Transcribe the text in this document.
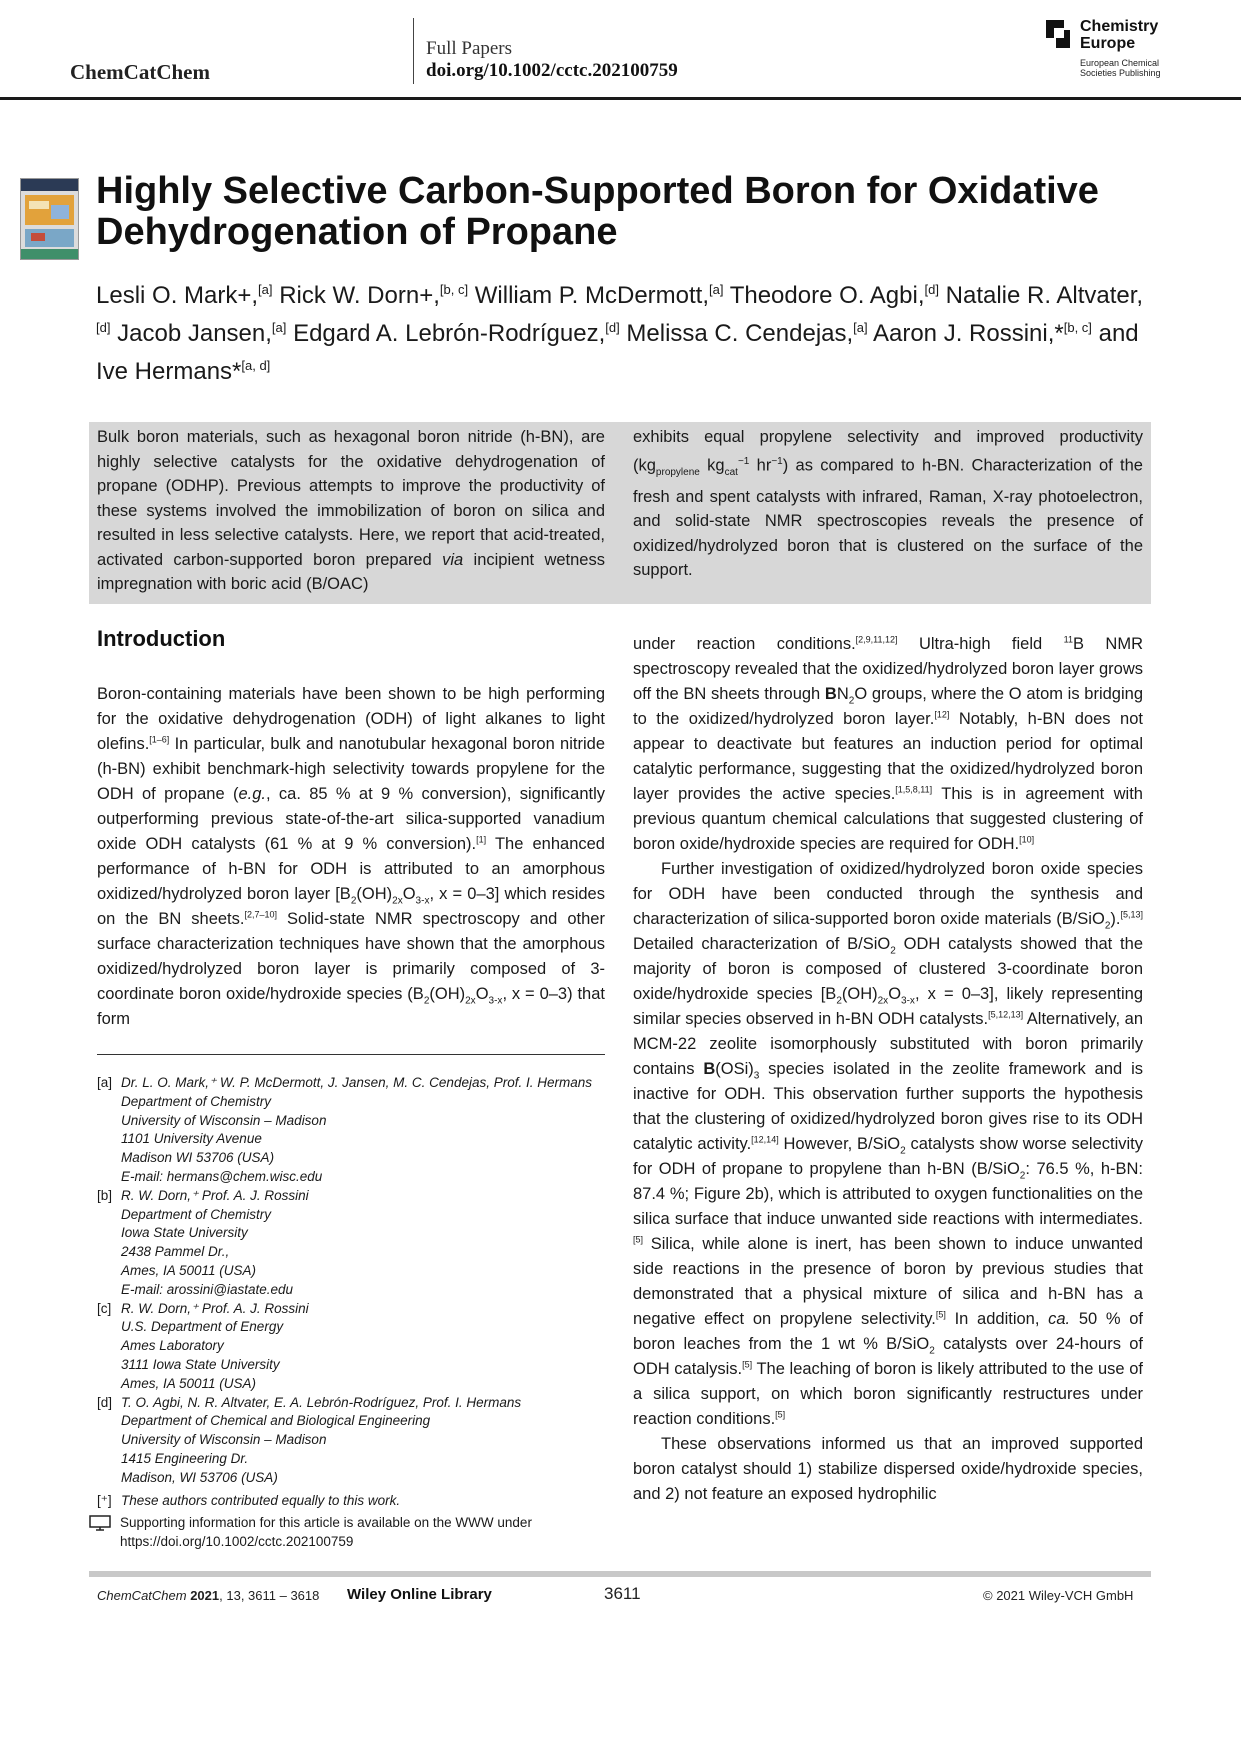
ChemCatChem
Full Papers
doi.org/10.1002/cctc.202100759
Chemistry
Europe
European Chemical
Societies Publishing
Highly Selective Carbon-Supported Boron for Oxidative Dehydrogenation of Propane
Lesli O. Mark+,[a] Rick W. Dorn+,[b, c] William P. McDermott,[a] Theodore O. Agbi,[d] Natalie R. Altvater,[d] Jacob Jansen,[a] Edgard A. Lebrón-Rodríguez,[d] Melissa C. Cendejas,[a] Aaron J. Rossini,*[b, c] and Ive Hermans*[a, d]
Bulk boron materials, such as hexagonal boron nitride (h-BN), are highly selective catalysts for the oxidative dehydrogenation of propane (ODHP). Previous attempts to improve the productivity of these systems involved the immobilization of boron on silica and resulted in less selective catalysts. Here, we report that acid-treated, activated carbon-supported boron prepared via incipient wetness impregnation with boric acid (B/OAC)
exhibits equal propylene selectivity and improved productivity ($kg_{propylene}$ $kg_{cat}^{-1}$ $hr^{-1}$) as compared to h-BN. Characterization of the fresh and spent catalysts with infrared, Raman, X-ray photoelectron, and solid-state NMR spectroscopies reveals the presence of oxidized/hydrolyzed boron that is clustered on the surface of the support.
Introduction

Boron-containing materials have been shown to be high performing for the oxidative dehydrogenation (ODH) of light alkanes to light olefins.[1–6] In particular, bulk and nanotubular hexagonal boron nitride (h-BN) exhibit benchmark-high selectivity towards propylene for the ODH of propane (e.g., ca. 85 % at 9 % conversion), significantly outperforming previous state-of-the-art silica-supported vanadium oxide ODH catalysts (61 % at 9 % conversion).[1] The enhanced performance of h-BN for ODH is attributed to an amorphous oxidized/hydrolyzed boron layer [$B_2(OH)_{2x}O_{3-x}$, x = 0–3] which resides on the BN sheets.[2,7–10] Solid-state NMR spectroscopy and other surface characterization techniques have shown that the amorphous oxidized/hydrolyzed boron layer is primarily composed of 3-coordinate boron oxide/hydroxide species ($B_2(OH)_{2x}O_{3-x}$, x = 0–3) that form

under reaction conditions.[2,9,11,12] Ultra-high field $^{11}$B NMR spectroscopy revealed that the oxidized/hydrolyzed boron layer grows off the BN sheets through $BN_2O$ groups, where the O atom is bridging to the oxidized/hydrolyzed boron layer.[12] Notably, h-BN does not appear to deactivate but features an induction period for optimal catalytic performance, suggesting that the oxidized/hydrolyzed boron layer provides the active species.[1,5,8,11] This is in agreement with previous quantum chemical calculations that suggested clustering of boron oxide/hydroxide species are required for ODH.[10]

Further investigation of oxidized/hydrolyzed boron oxide species for ODH have been conducted through the synthesis and characterization of silica-supported boron oxide materials (B/SiO$_2$).[5,13] Detailed characterization of B/SiO$_2$ ODH catalysts showed that the majority of boron is composed of clustered 3-coordinate boron oxide/hydroxide species [$B_2(OH)_{2x}O_{3-x}$, x = 0–3], likely representing similar species observed in h-BN ODH catalysts.[5,12,13] Alternatively, an MCM-22 zeolite isomorphously substituted with boron primarily contains $B(OSi)_3$ species isolated in the zeolite framework and is inactive for ODH. This observation further supports the hypothesis that the clustering of oxidized/hydrolyzed boron gives rise to its ODH catalytic activity.[12,14] However, B/SiO$_2$ catalysts show worse selectivity for ODH of propane to propylene than h-BN (B/SiO$_2$: 76.5 %, h-BN: 87.4 %; Figure 2b), which is attributed to oxygen functionalities on the silica surface that induce unwanted side reactions with intermediates.[5] Silica, while alone is inert, has been shown to induce unwanted side reactions in the presence of boron by previous studies that demonstrated that a physical mixture of silica and h-BN has a negative effect on propylene selectivity.[5] In addition, ca. 50 % of boron leaches from the 1 wt % B/SiO$_2$ catalysts over 24-hours of ODH catalysis.[5] The leaching of boron is likely attributed to the use of a silica support, on which boron significantly restructures under reaction conditions.[5]

These observations informed us that an improved supported boron catalyst should 1) stabilize dispersed oxide/hydroxide species, and 2) not feature an exposed hydrophilic

[a] Dr. L. O. Mark,⁺ W. P. McDermott, J. Jansen, M. C. Cendejas, Prof. I. Hermans
Department of Chemistry
University of Wisconsin – Madison
1101 University Avenue
Madison WI 53706 (USA)
E-mail: hermans@chem.wisc.edu
[b] R. W. Dorn,⁺ Prof. A. J. Rossini
Department of Chemistry
Iowa State University
2438 Pammel Dr.,
Ames, IA 50011 (USA)
E-mail: arossini@iastate.edu
[c] R. W. Dorn,⁺ Prof. A. J. Rossini
U.S. Department of Energy
Ames Laboratory
3111 Iowa State University
Ames, IA 50011 (USA)
[d] T. O. Agbi, N. R. Altvater, E. A. Lebrón-Rodríguez, Prof. I. Hermans
Department of Chemical and Biological Engineering
University of Wisconsin – Madison
1415 Engineering Dr.
Madison, WI 53706 (USA)
[⁺] These authors contributed equally to this work.
Supporting information for this article is available on the WWW under https://doi.org/10.1002/cctc.202100759
ChemCatChem 2021, 13, 3611 – 3618 Wiley Online Library	3611	© 2021 Wiley-VCH GmbH
